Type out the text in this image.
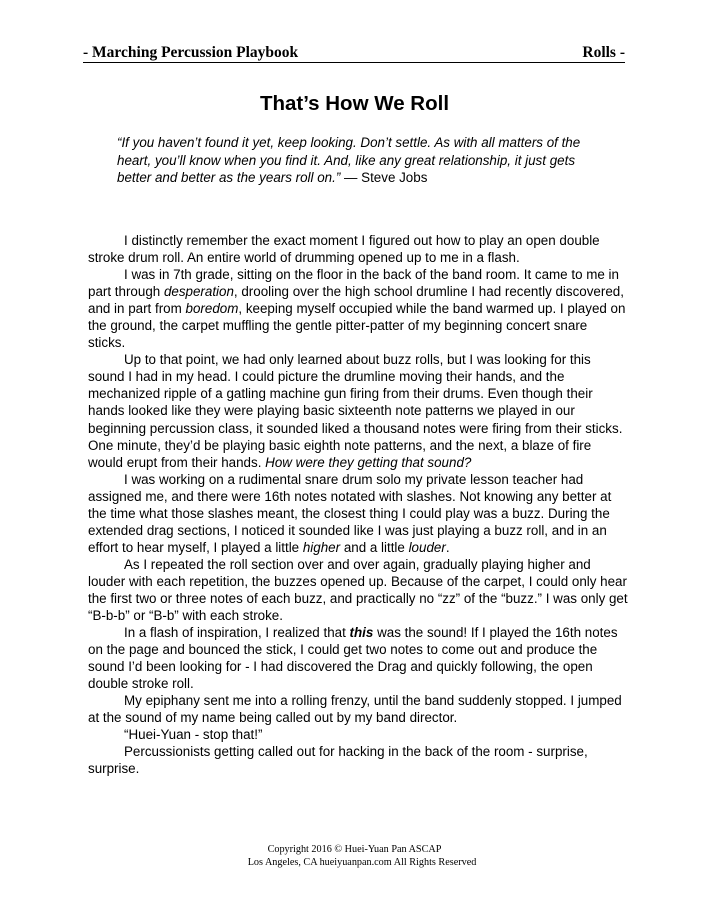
- Marching Percussion Playbook	Rolls -
That’s How We Roll
“If you haven’t found it yet, keep looking. Don’t settle. As with all matters of the heart, you’ll know when you find it. And, like any great relationship, it just gets better and better as the years roll on.” — Steve Jobs

I distinctly remember the exact moment I figured out how to play an open double stroke drum roll. An entire world of drumming opened up to me in a flash.

I was in 7th grade, sitting on the floor in the back of the band room. It came to me in part through desperation, drooling over the high school drumline I had recently discovered, and in part from boredom, keeping myself occupied while the band warmed up. I played on the ground, the carpet muffling the gentle pitter-patter of my beginning concert snare sticks.

Up to that point, we had only learned about buzz rolls, but I was looking for this sound I had in my head. I could picture the drumline moving their hands, and the mechanized ripple of a gatling machine gun firing from their drums. Even though their hands looked like they were playing basic sixteenth note patterns we played in our beginning percussion class, it sounded liked a thousand notes were firing from their sticks. One minute, they’d be playing basic eighth note patterns, and the next, a blaze of fire would erupt from their hands. How were they getting that sound?

I was working on a rudimental snare drum solo my private lesson teacher had assigned me, and there were 16th notes notated with slashes. Not knowing any better at the time what those slashes meant, the closest thing I could play was a buzz. During the extended drag sections, I noticed it sounded like I was just playing a buzz roll, and in an effort to hear myself, I played a little higher and a little louder.

As I repeated the roll section over and over again, gradually playing higher and louder with each repetition, the buzzes opened up. Because of the carpet, I could only hear the first two or three notes of each buzz, and practically no “zz” of the “buzz.” I was only get “B-b-b” or “B-b” with each stroke.

In a flash of inspiration, I realized that this was the sound! If I played the 16th notes on the page and bounced the stick, I could get two notes to come out and produce the sound I’d been looking for - I had discovered the Drag and quickly following, the open double stroke roll.

My epiphany sent me into a rolling frenzy, until the band suddenly stopped. I jumped at the sound of my name being called out by my band director.

“Huei-Yuan - stop that!”

Percussionists getting called out for hacking in the back of the room - surprise, surprise.

Copyright 2016 © Huei-Yuan Pan ASCAP
Los Angeles, CA hueiyuanpan.com All Rights Reserved
